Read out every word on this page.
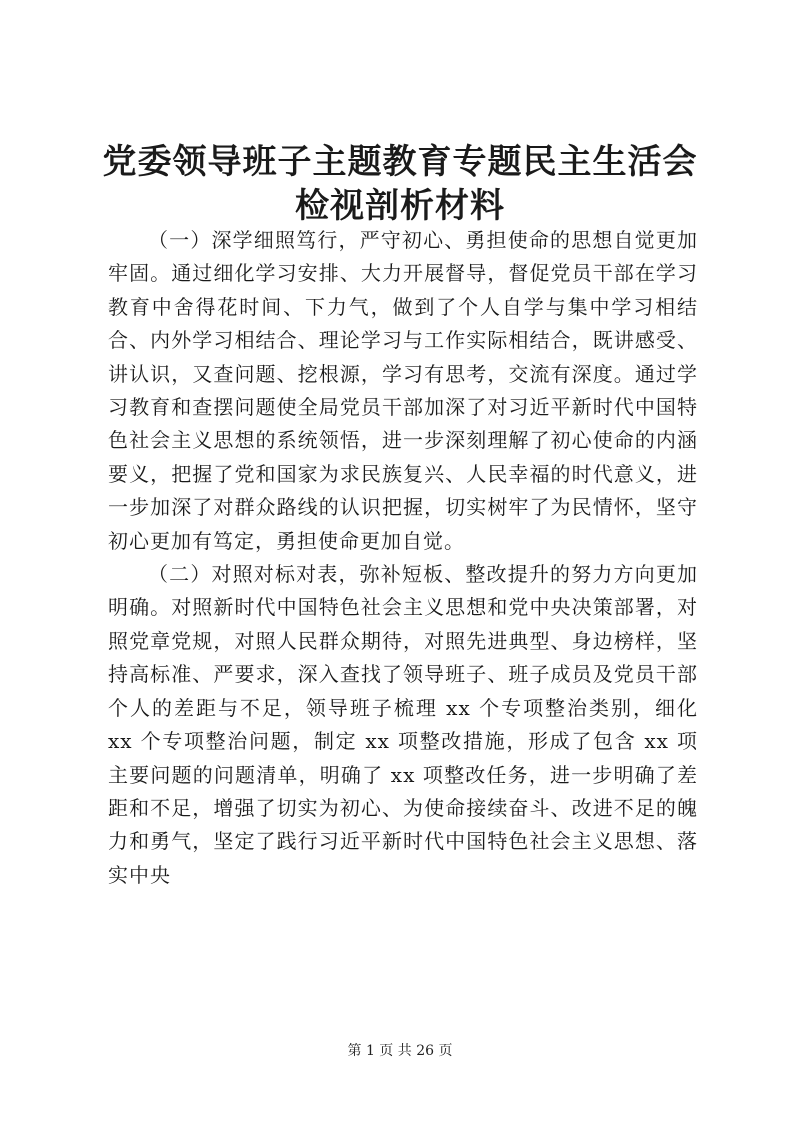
党委领导班子主题教育专题民主生活会检视剖析材料

（一）深学细照笃行，严守初心、勇担使命的思想自觉更加牢固。通过细化学习安排、大力开展督导，督促党员干部在学习教育中舍得花时间、下力气，做到了个人自学与集中学习相结合、内外学习相结合、理论学习与工作实际相结合，既讲感受、讲认识，又查问题、挖根源，学习有思考，交流有深度。通过学习教育和查摆问题使全局党员干部加深了对习近平新时代中国特色社会主义思想的系统领悟，进一步深刻理解了初心使命的内涵要义，把握了党和国家为求民族复兴、人民幸福的时代意义，进一步加深了对群众路线的认识把握，切实树牢了为民情怀，坚守初心更加有笃定，勇担使命更加自觉。

（二）对照对标对表，弥补短板、整改提升的努力方向更加明确。对照新时代中国特色社会主义思想和党中央决策部署，对照党章党规，对照人民群众期待，对照先进典型、身边榜样，坚持高标准、严要求，深入查找了领导班子、班子成员及党员干部个人的差距与不足，领导班子梳理 xx 个专项整治类别，细化 xx 个专项整治问题，制定 xx 项整改措施，形成了包含 xx 项主要问题的问题清单，明确了 xx 项整改任务，进一步明确了差距和不足，增强了切实为初心、为使命接续奋斗、改进不足的魄力和勇气，坚定了践行习近平新时代中国特色社会主义思想、落实中央

第 1 页 共 26 页
